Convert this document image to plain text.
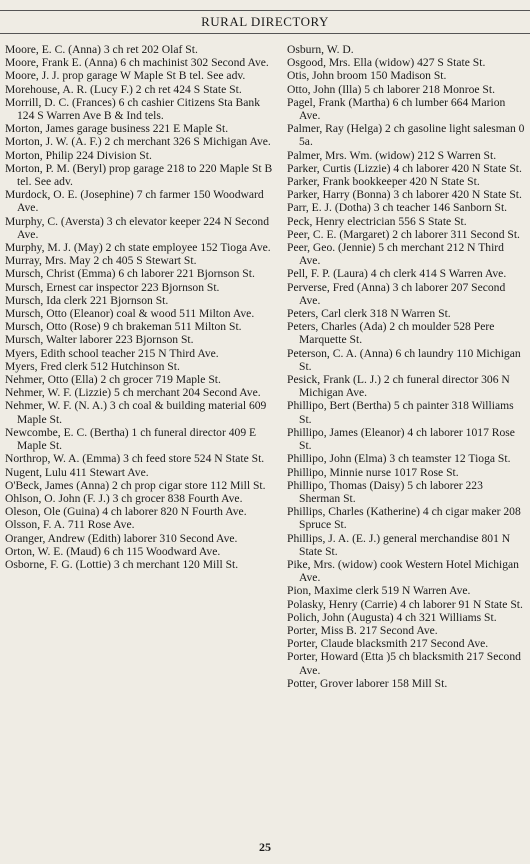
RURAL DIRECTORY

Moore, E. C. (Anna) 3 ch ret 202 Olaf St.

Moore, Frank E. (Anna) 6 ch machinist 302 Second Ave.

Moore, J. J. prop garage W Maple St B tel. See adv.

Morehouse, A. R. (Lucy F.) 2 ch ret 424 S State St.

Morrill, D. C. (Frances) 6 ch cashier Citizens Sta Bank 124 S Warren Ave B & Ind tels.

Morton, James garage business 221 E Maple St.

Morton, J. W. (A. F.) 2 ch merchant 326 S Michigan Ave.

Morton, Philip 224 Division St.

Morton, P. M. (Beryl) prop garage 218 to 220 Maple St B tel. See adv.

Murdock, O. E. (Josephine) 7 ch farmer 150 Woodward Ave.

Murphy, C. (Aversta) 3 ch elevator keeper 224 N Second Ave.

Murphy, M. J. (May) 2 ch state employee 152 Tioga Ave.

Murray, Mrs. May 2 ch 405 S Stewart St.

Mursch, Christ (Emma) 6 ch laborer 221 Bjornson St.

Mursch, Ernest car inspector 223 Bjornson St.

Mursch, Ida clerk 221 Bjornson St.

Mursch, Otto (Eleanor) coal & wood 511 Milton Ave.

Mursch, Otto (Rose) 9 ch brakeman 511 Milton St.

Mursch, Walter laborer 223 Bjornson St.

Myers, Edith school teacher 215 N Third Ave.

Myers, Fred clerk 512 Hutchinson St.

Nehmer, Otto (Ella) 2 ch grocer 719 Maple St.

Nehmer, W. F. (Lizzie) 5 ch merchant 204 Second Ave.

Nehmer, W. F. (N. A.) 3 ch coal & building material 609 Maple St.

Newcombe, E. C. (Bertha) 1 ch funeral director 409 E Maple St.

Northrop, W. A. (Emma) 3 ch feed store 524 N State St.

Nugent, Lulu 411 Stewart Ave.

O'Beck, James (Anna) 2 ch prop cigar store 112 Mill St.

Ohlson, O. John (F. J.) 3 ch grocer 838 Fourth Ave.

Oleson, Ole (Guina) 4 ch laborer 820 N Fourth Ave.

Olsson, F. A. 711 Rose Ave.

Oranger, Andrew (Edith) laborer 310 Second Ave.

Orton, W. E. (Maud) 6 ch 115 Woodward Ave.

Osborne, F. G. (Lottie) 3 ch merchant 120 Mill St.

Osburn, W. D.

Osgood, Mrs. Ella (widow) 427 S State St.

Otis, John broom 150 Madison St.

Otto, John (Illa) 5 ch laborer 218 Monroe St.

Pagel, Frank (Martha) 6 ch lumber 664 Marion Ave.

Palmer, Ray (Helga) 2 ch gasoline light salesman 0 5a.

Palmer, Mrs. Wm. (widow) 212 S Warren St.

Parker, Curtis (Lizzie) 4 ch laborer 420 N State St.

Parker, Frank bookkeeper 420 N State St.

Parker, Harry (Bonna) 3 ch laborer 420 N State St.

Parr, E. J. (Dotha) 3 ch teacher 146 Sanborn St.

Peck, Henry electrician 556 S State St.

Peer, C. E. (Margaret) 2 ch laborer 311 Second St.

Peer, Geo. (Jennie) 5 ch merchant 212 N Third Ave.

Pell, F. P. (Laura) 4 ch clerk 414 S Warren Ave.

Perverse, Fred (Anna) 3 ch laborer 207 Second Ave.

Peters, Carl clerk 318 N Warren St.

Peters, Charles (Ada) 2 ch moulder 528 Pere Marquette St.

Peterson, C. A. (Anna) 6 ch laundry 110 Michigan St.

Pesick, Frank (L. J.) 2 ch funeral director 306 N Michigan Ave.

Phillipo, Bert (Bertha) 5 ch painter 318 Williams St.

Phillipo, James (Eleanor) 4 ch laborer 1017 Rose St.

Phillipo, John (Elma) 3 ch teamster 12 Tioga St.

Phillipo, Minnie nurse 1017 Rose St.

Phillipo, Thomas (Daisy) 5 ch laborer 223 Sherman St.

Phillips, Charles (Katherine) 4 ch cigar maker 208 Spruce St.

Phillips, J. A. (E. J.) general merchandise 801 N State St.

Pike, Mrs. (widow) cook Western Hotel Michigan Ave.

Pion, Maxime clerk 519 N Warren Ave.

Polasky, Henry (Carrie) 4 ch laborer 91 N State St.

Polich, John (Augusta) 4 ch 321 Williams St.

Porter, Miss B. 217 Second Ave.

Porter, Claude blacksmith 217 Second Ave.

Porter, Howard (Etta )5 ch blacksmith 217 Second Ave.

Potter, Grover laborer 158 Mill St.

25
